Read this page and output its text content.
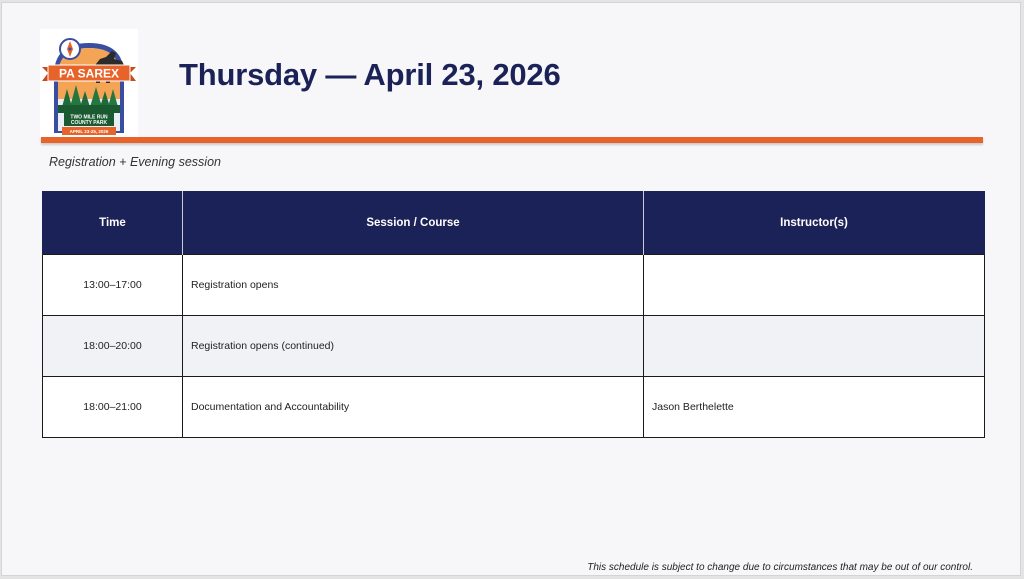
PA SAREX
TWO MILE RUN
COUNTY PARK
APRIL 23-25, 2026
Thursday — April 23, 2026
Registration + Evening session
Time	Session / Course	Instructor(s)
13:00–17:00	Registration opens	
18:00–20:00	Registration opens (continued)	
18:00–21:00	Documentation and Accountability	Jason Berthelette
This schedule is subject to change due to circumstances that may be out of our control.
